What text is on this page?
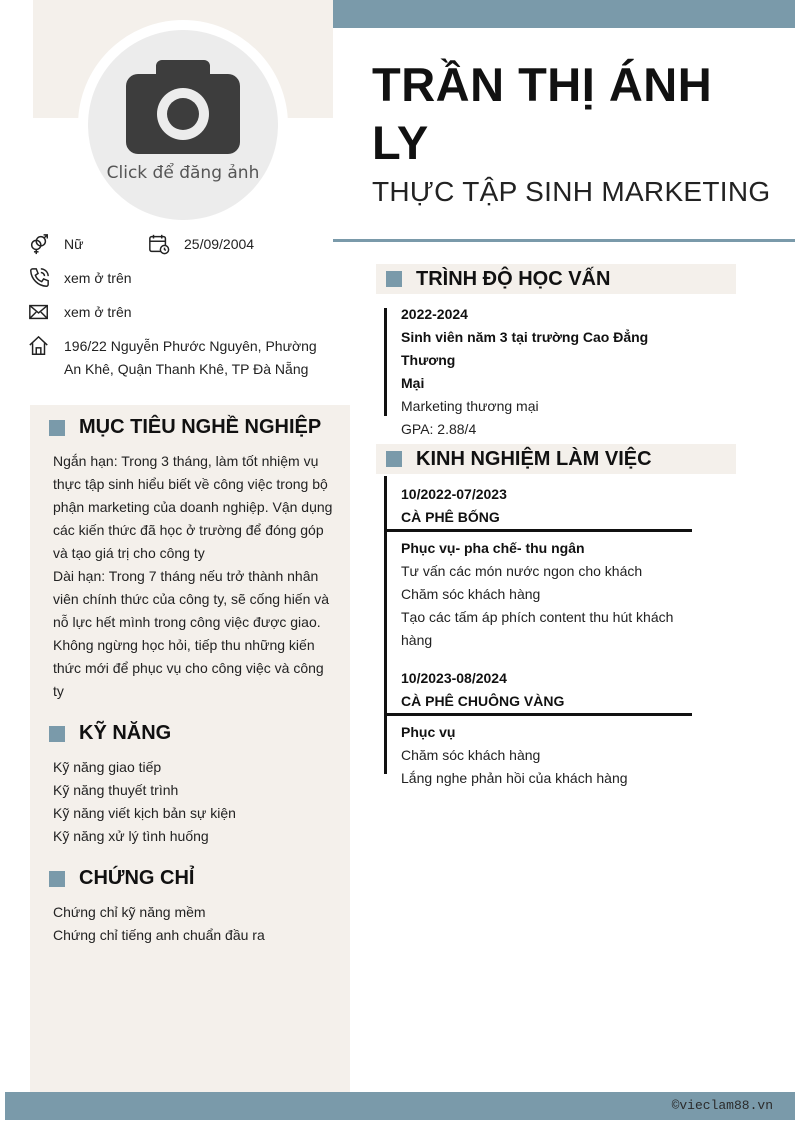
Click để đăng ảnh
TRẦN THỊ ÁNH
LY
THỰC TẬP SINH MARKETING
Nữ	25/09/2004
xem ở trên
xem ở trên
196/22 Nguyễn Phước Nguyên, Phường
An Khê, Quận Thanh Khê, TP Đà Nẵng
MỤC TIÊU NGHỀ NGHIỆP
Ngắn hạn: Trong 3 tháng, làm tốt nhiệm vụ
thực tập sinh hiểu biết về công việc trong bộ
phận marketing của doanh nghiệp. Vận dụng
các kiến thức đã học ở trường để đóng góp
và tạo giá trị cho công ty
Dài hạn: Trong 7 tháng nếu trở thành nhân
viên chính thức của công ty, sẽ cống hiến và
nỗ lực hết mình trong công việc được giao.
Không ngừng học hỏi, tiếp thu những kiến
thức mới để phục vụ cho công việc và công
ty
KỸ NĂNG
Kỹ năng giao tiếp
Kỹ năng thuyết trình
Kỹ năng viết kịch bản sự kiện
Kỹ năng xử lý tình huống
CHỨNG CHỈ
Chứng chỉ kỹ năng mềm
Chứng chỉ tiếng anh chuẩn đầu ra
TRÌNH ĐỘ HỌC VẤN
2022-2024
Sinh viên năm 3 tại trường Cao Đẳng Thương
Mại
Marketing thương mại
GPA: 2.88/4
KINH NGHIỆM LÀM VIỆC
10/2022-07/2023
CÀ PHÊ BỐNG
Phục vụ- pha chế- thu ngân
Tư vấn các món nước ngon cho khách
Chăm sóc khách hàng
Tạo các tấm áp phích content thu hút khách
hàng
10/2023-08/2024
CÀ PHÊ CHUÔNG VÀNG
Phục vụ
Chăm sóc khách hàng
Lắng nghe phản hồi của khách hàng
©vieclam88.vn
